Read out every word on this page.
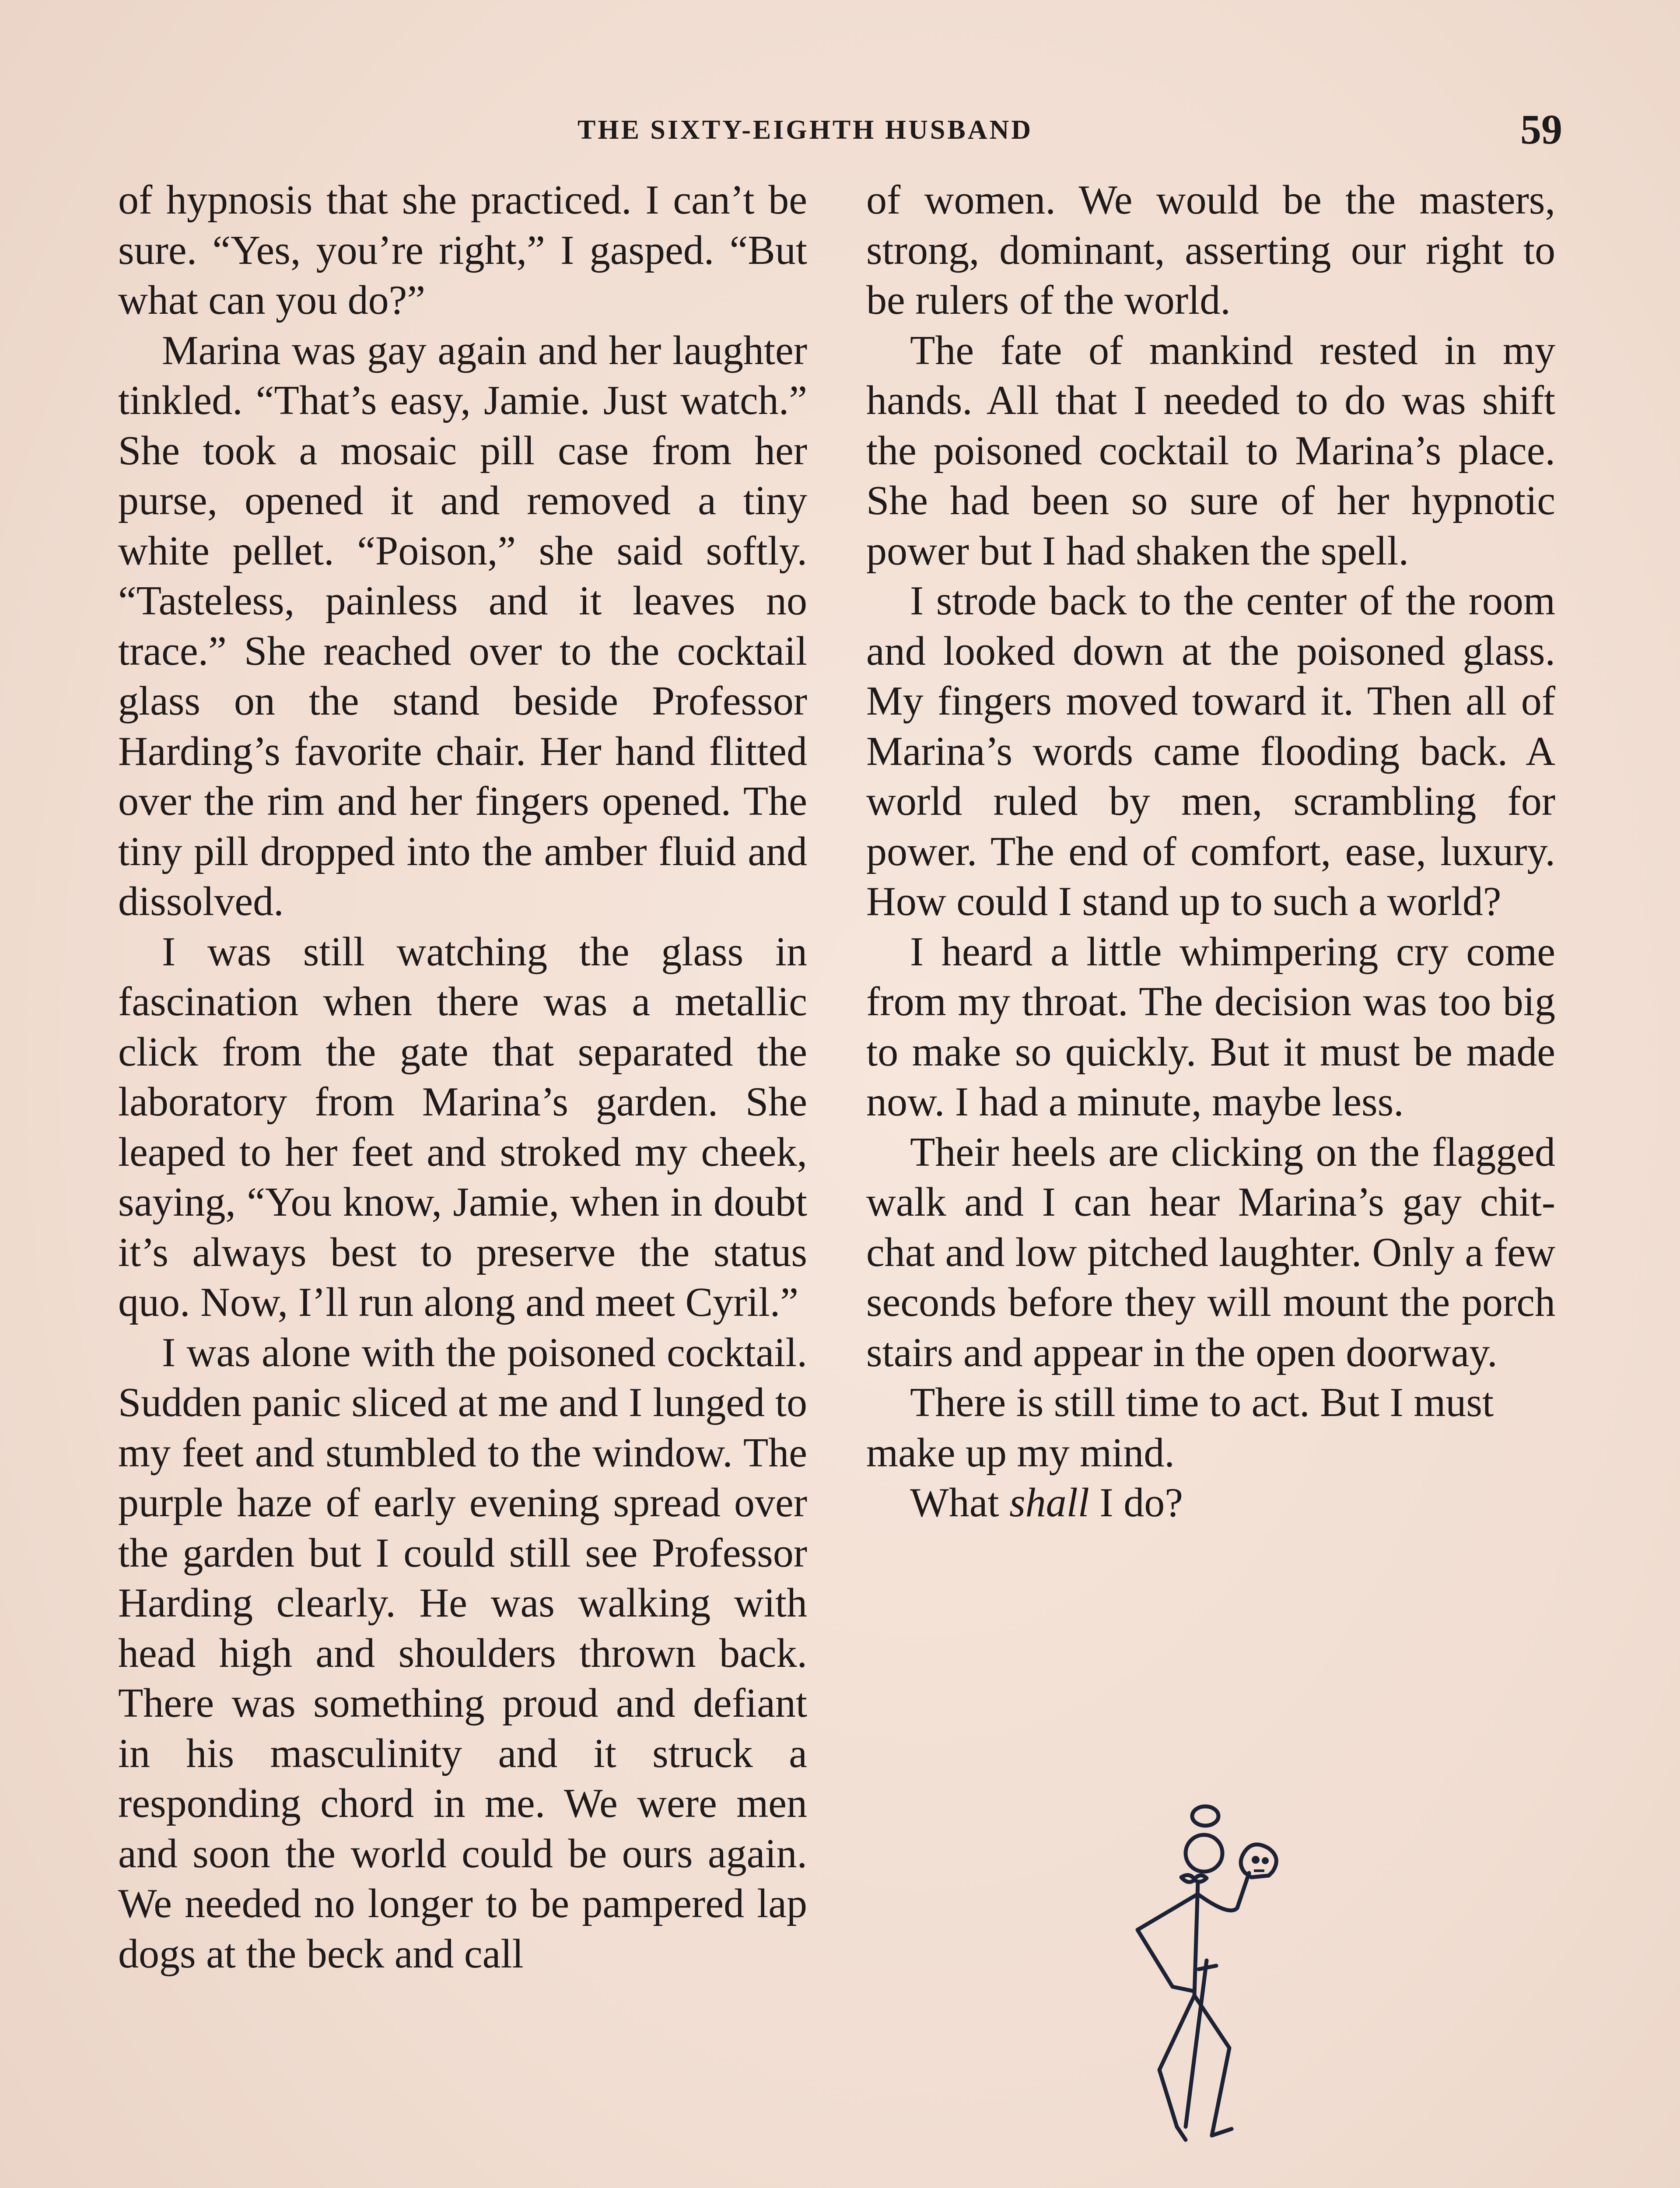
THE SIXTY-EIGHTH HUSBAND	59

of hypnosis that she practiced. I can’t be sure. “Yes, you’re right,” I gasped. “But what can you do?”

Marina was gay again and her laughter tinkled. “That’s easy, Jamie. Just watch.” She took a mosaic pill case from her purse, opened it and removed a tiny white pellet. “Poison,” she said softly. “Tasteless, painless and it leaves no trace.” She reached over to the cocktail glass on the stand beside Professor Harding’s favorite chair. Her hand flitted over the rim and her fingers opened. The tiny pill dropped into the amber fluid and dissolved.

I was still watching the glass in fascination when there was a metallic click from the gate that separated the laboratory from Marina’s garden. She leaped to her feet and stroked my cheek, saying, “You know, Jamie, when in doubt it’s always best to preserve the status quo. Now, I’ll run along and meet Cyril.”

I was alone with the poisoned cocktail. Sudden panic sliced at me and I lunged to my feet and stumbled to the window. The purple haze of early evening spread over the garden but I could still see Professor Harding clearly. He was walking with head high and shoulders thrown back. There was something proud and defiant in his masculinity and it struck a responding chord in me. We were men and soon the world could be ours again. We needed no longer to be pampered lap dogs at the beck and call

of women. We would be the masters, strong, dominant, asserting our right to be rulers of the world.

The fate of mankind rested in my hands. All that I needed to do was shift the poisoned cocktail to Marina’s place. She had been so sure of her hypnotic power but I had shaken the spell.

I strode back to the center of the room and looked down at the poisoned glass. My fingers moved toward it. Then all of Marina’s words came flooding back. A world ruled by men, scrambling for power. The end of comfort, ease, luxury. How could I stand up to such a world?

I heard a little whimpering cry come from my throat. The decision was too big to make so quickly. But it must be made now. I had a minute, maybe less.

Their heels are clicking on the flagged walk and I can hear Marina’s gay chit-chat and low pitched laughter. Only a few seconds before they will mount the porch stairs and appear in the open doorway.

There is still time to act. But I must make up my mind.

What shall I do?
